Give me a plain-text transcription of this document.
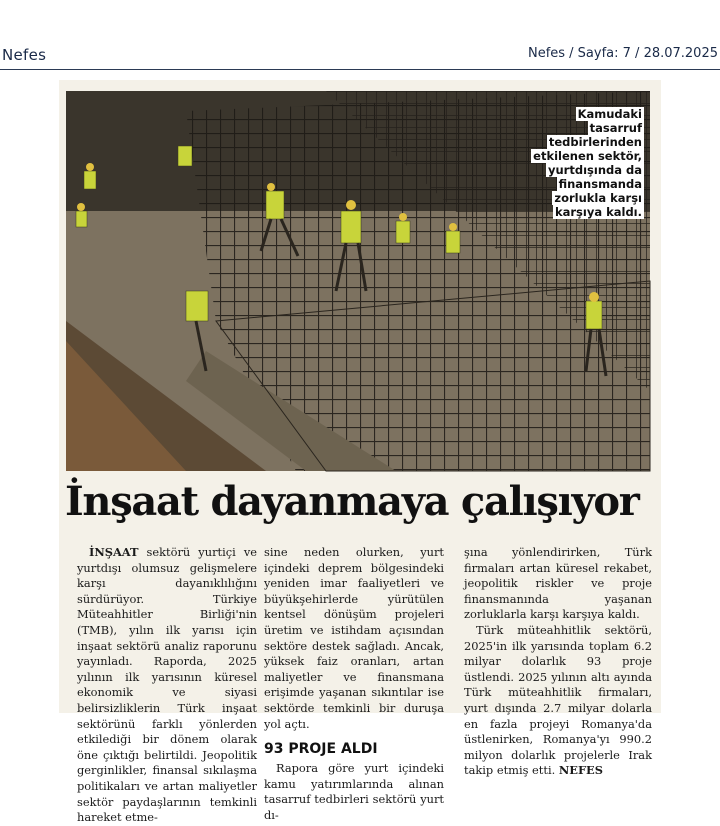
Nefes	Nefes / Sayfa: 7 / 28.07.2025
Kamudaki tasarruf tedbirlerinden etkilenen sektör, yurtdışında da finansmanda zorlukla karşı karşıya kaldı.
İnşaat dayanmaya çalışıyor

İNŞAAT sektörü yurtiçi ve yurtdışı olumsuz gelişmelere karşı dayanıklılığını sürdürüyor. Türkiye Müteahhitler Birliği'nin (TMB), yılın ilk yarısı için inşaat sektörü analiz raporunu yayınladı. Raporda, 2025 yılının ilk yarısının küresel ekonomik ve siyasi belirsizliklerin Türk inşaat sektörünü farklı yönlerden etkilediği bir dönem olarak öne çıktığı belirtildi. Jeopolitik gerginlikler, finansal sıkılaşma politikaları ve artan maliyetler sektör paydaşlarının temkinli hareket etme-

sine neden olurken, yurt içindeki deprem bölgesindeki yeniden imar faaliyetleri ve büyükşehirlerde yürütülen kentsel dönüşüm projeleri üretim ve istihdam açısından sektöre destek sağladı. Ancak, yüksek faiz oranları, artan maliyetler ve finansmana erişimde yaşanan sıkıntılar ise sektörde temkinli bir duruşa yol açtı.

93 PROJE ALDI

Rapora göre yurt içindeki kamu yatırımlarında alınan tasarruf tedbirleri sektörü yurt dı-

şına yönlendirirken, Türk firmaları artan küresel rekabet, jeopolitik riskler ve proje finansmanında yaşanan zorluklarla karşı karşıya kaldı.

Türk müteahhitlik sektörü, 2025'in ilk yarısında toplam 6.2 milyar dolarlık 93 proje üstlendi. 2025 yılının altı ayında Türk müteahhitlik firmaları, yurt dışında 2.7 milyar dolarla en fazla projeyi Romanya'da üstlenirken, Romanya'yı 990.2 milyon dolarlık projelerle Irak takip etmiş etti. NEFES
